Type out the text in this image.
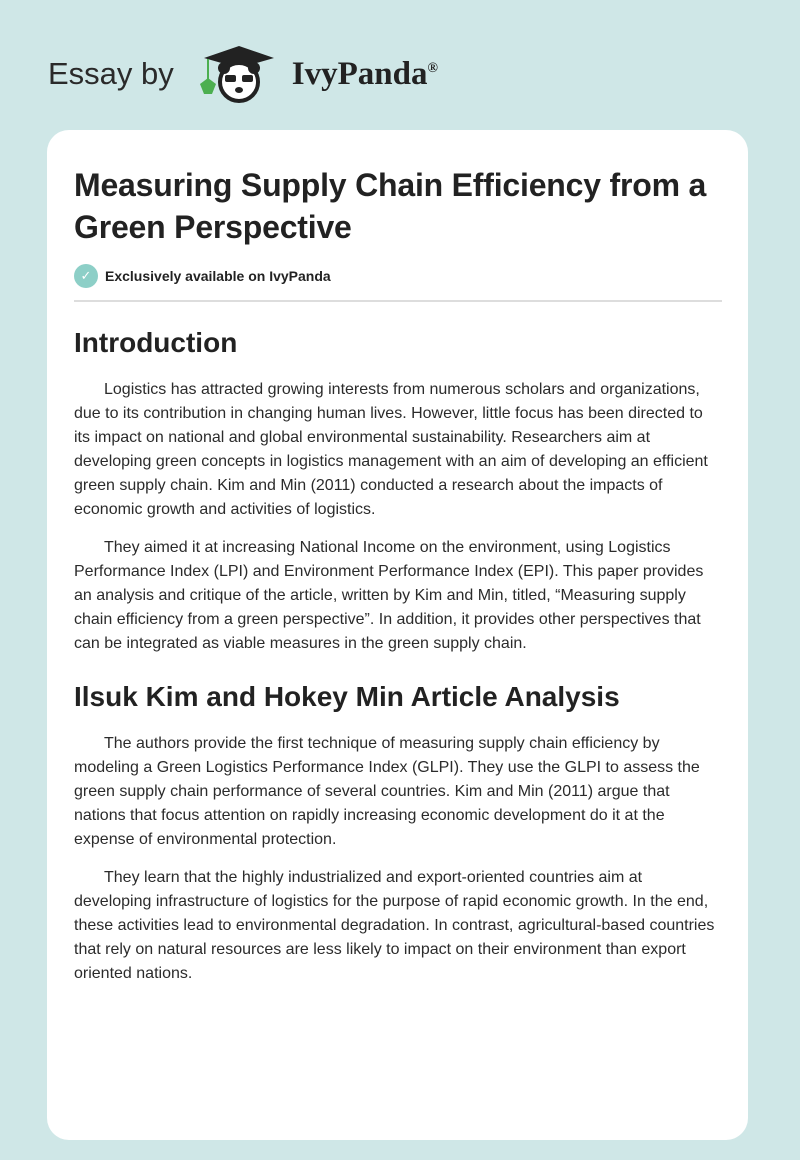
Essay by	IvyPanda®
Measuring Supply Chain Efficiency from a Green Perspective
✓ Exclusively available on IvyPanda
Introduction

Logistics has attracted growing interests from numerous scholars and organizations, due to its contribution in changing human lives. However, little focus has been directed to its impact on national and global environmental sustainability. Researchers aim at developing green concepts in logistics management with an aim of developing an efficient green supply chain. Kim and Min (2011) conducted a research about the impacts of economic growth and activities of logistics.

They aimed it at increasing National Income on the environment, using Logistics Performance Index (LPI) and Environment Performance Index (EPI). This paper provides an analysis and critique of the article, written by Kim and Min, titled, “Measuring supply chain efficiency from a green perspective”. In addition, it provides other perspectives that can be integrated as viable measures in the green supply chain.

Ilsuk Kim and Hokey Min Article Analysis

The authors provide the first technique of measuring supply chain efficiency by modeling a Green Logistics Performance Index (GLPI). They use the GLPI to assess the green supply chain performance of several countries. Kim and Min (2011) argue that nations that focus attention on rapidly increasing economic development do it at the expense of environmental protection.

They learn that the highly industrialized and export-oriented countries aim at developing infrastructure of logistics for the purpose of rapid economic growth. In the end, these activities lead to environmental degradation. In contrast, agricultural-based countries that rely on natural resources are less likely to impact on their environment than export oriented nations.
